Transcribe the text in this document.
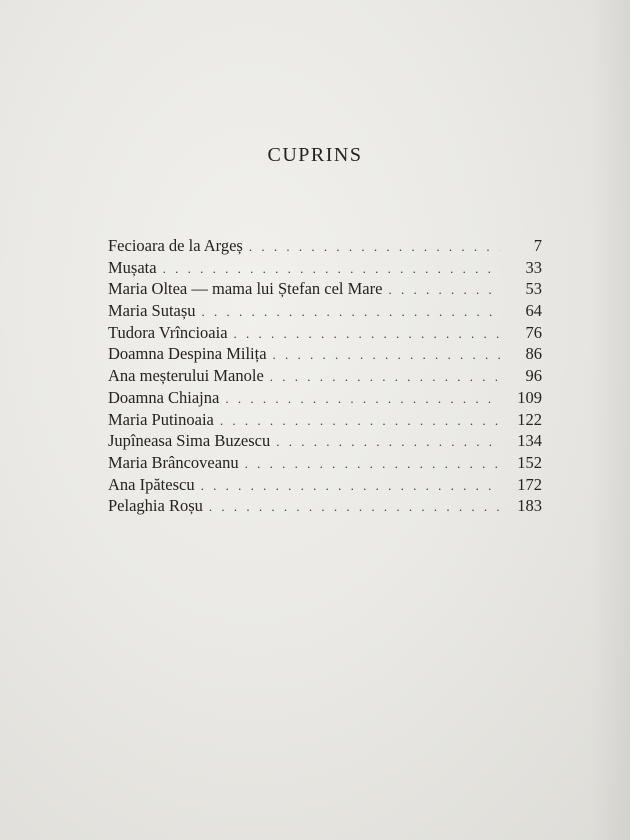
CUPRINS
Fecioara de la Argeș . . .	7
Mușata . . .	33
Maria Oltea — mama lui Ștefan cel Mare . . .	53
Maria Sutașu . . .	64
Tudora Vrîncioaia . . .	76
Doamna Despina Milița . . .	86
Ana meșterului Manole . . .	96
Doamna Chiajna . . .	109
Maria Putinoaia . . .	122
Jupîneasa Sima Buzescu . . .	134
Maria Brâncoveanu . . .	152
Ana Ipătescu . . .	172
Pelaghia Roșu . . .	183
